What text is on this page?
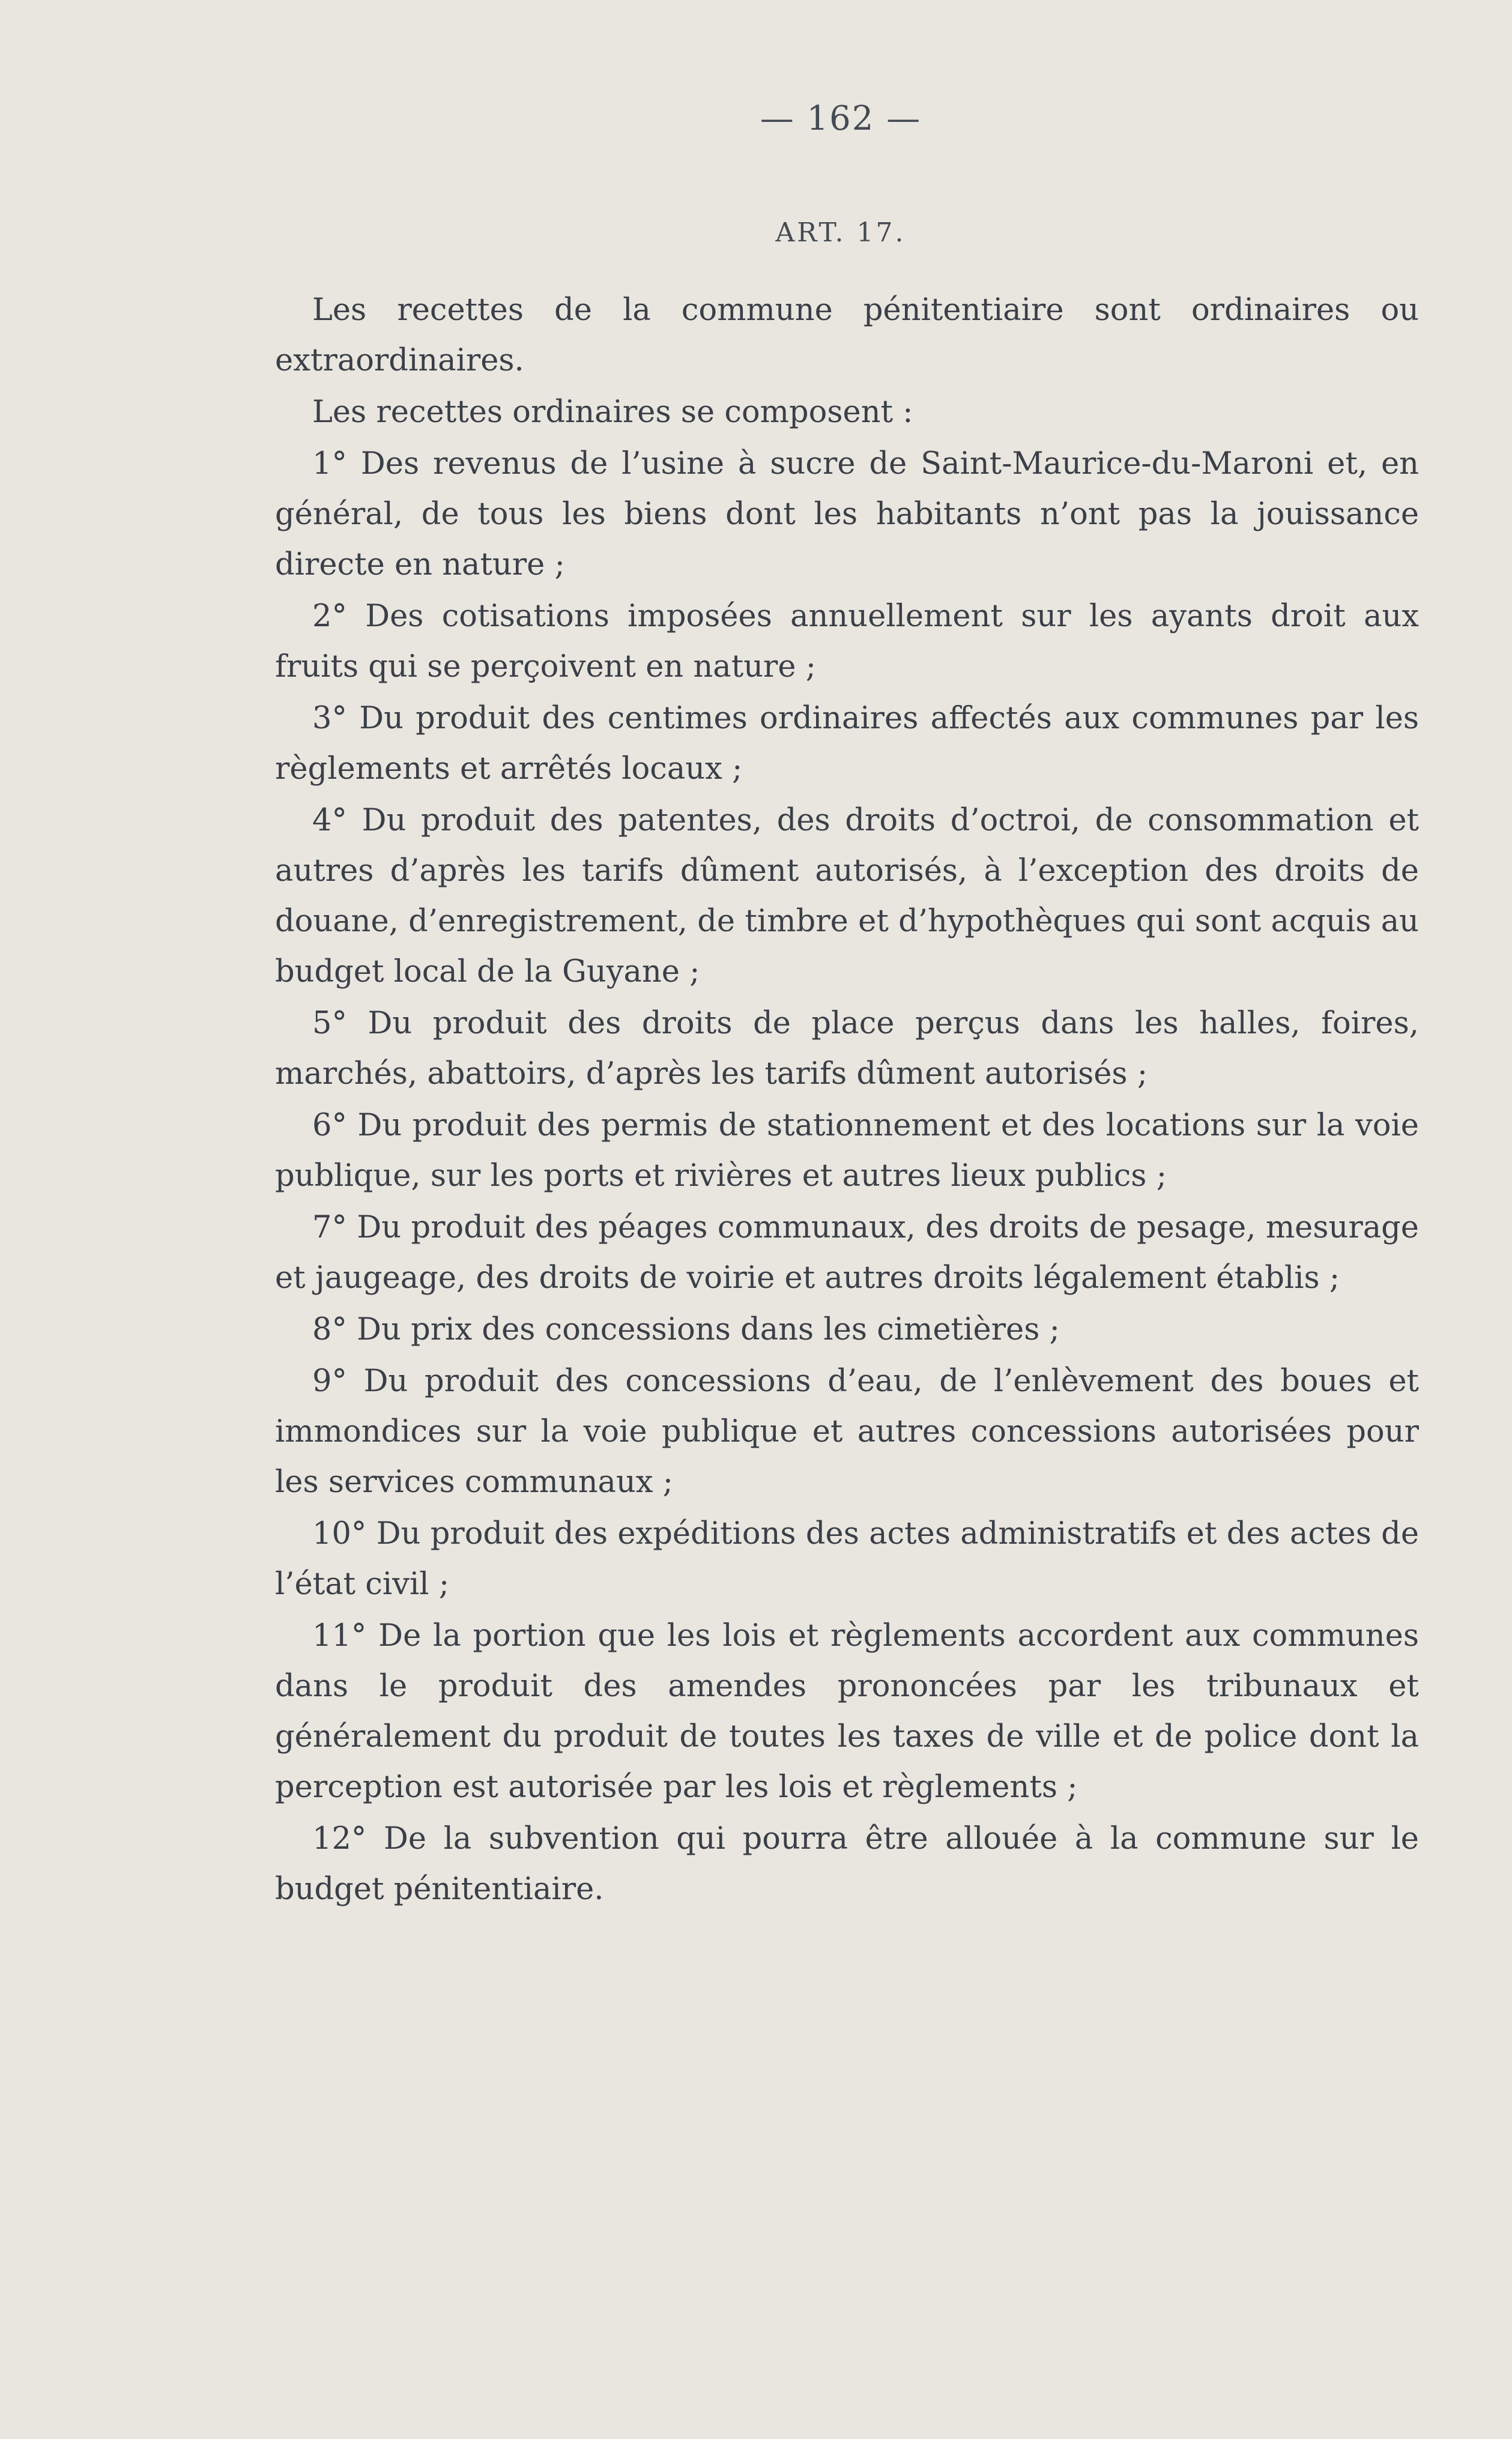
— 162 —
ART. 17.

Les recettes de la commune pénitentiaire sont ordinaires ou extraordinaires.

Les recettes ordinaires se composent :

1° Des revenus de l’usine à sucre de Saint-Maurice-du-Maroni et, en général, de tous les biens dont les habitants n’ont pas la jouissance directe en nature ;

2° Des cotisations imposées annuellement sur les ayants droit aux fruits qui se perçoivent en nature ;

3° Du produit des centimes ordinaires affectés aux communes par les règlements et arrêtés locaux ;

4° Du produit des patentes, des droits d’octroi, de consommation et autres d’après les tarifs dûment autorisés, à l’exception des droits de douane, d’enregistrement, de timbre et d’hypothèques qui sont acquis au budget local de la Guyane ;

5° Du produit des droits de place perçus dans les halles, foires, marchés, abattoirs, d’après les tarifs dûment autorisés ;

6° Du produit des permis de stationnement et des locations sur la voie publique, sur les ports et rivières et autres lieux publics ;

7° Du produit des péages communaux, des droits de pesage, mesurage et jaugeage, des droits de voirie et autres droits légalement établis ;

8° Du prix des concessions dans les cimetières ;

9° Du produit des concessions d’eau, de l’enlèvement des boues et immondices sur la voie publique et autres concessions autorisées pour les services communaux ;

10° Du produit des expéditions des actes administratifs et des actes de l’état civil ;

11° De la portion que les lois et règlements accordent aux communes dans le produit des amendes prononcées par les tribunaux et généralement du produit de toutes les taxes de ville et de police dont la perception est autorisée par les lois et règlements ;

12° De la subvention qui pourra être allouée à la commune sur le budget pénitentiaire.
